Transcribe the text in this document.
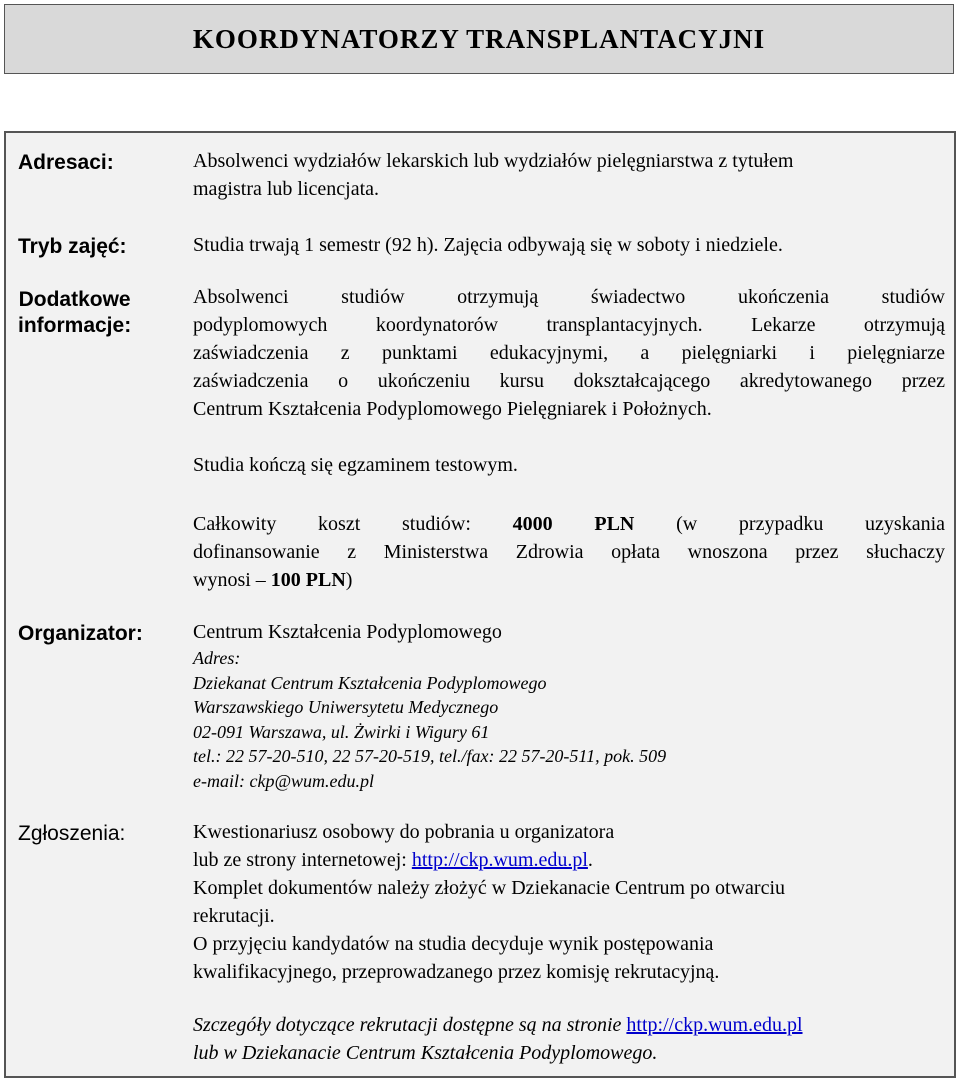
KOORDYNATORZY TRANSPLANTACYJNI
Adresaci:	Absolwenci wydziałów lekarskich lub wydziałów pielęgniarstwa z tytułem

magistra lub licencjata.

Tryb zajęć:	Studia trwają 1 semestr (92 h). Zajęcia odbywają się w soboty i niedziele.
Dodatkowe
informacje:

Absolwenci studiów otrzymują świadectwo ukończenia studiów

podyplomowych koordynatorów transplantacyjnych. Lekarze otrzymują

zaświadczenia z punktami edukacyjnymi, a pielęgniarki i pielęgniarze

zaświadczenia o ukończeniu kursu dokształcającego akredytowanego przez

Centrum Kształcenia Podyplomowego Pielęgniarek i Położnych.

Studia kończą się egzaminem testowym.

Całkowity koszt studiów: 4000 PLN (w przypadku uzyskania

dofinansowanie z Ministerstwa Zdrowia opłata wnoszona przez słuchaczy

wynosi – 100 PLN)

Organizator:	Centrum Kształcenia Podyplomowego

Adres:

Dziekanat Centrum Kształcenia Podyplomowego

Warszawskiego Uniwersytetu Medycznego

02-091 Warszawa, ul. Żwirki i Wigury 61

tel.: 22 57-20-510, 22 57-20-519, tel./fax: 22 57-20-511, pok. 509

e-mail: ckp@wum.edu.pl

Zgłoszenia:	Kwestionariusz osobowy do pobrania u organizatora

lub ze strony internetowej: http://ckp.wum.edu.pl.

Komplet dokumentów należy złożyć w Dziekanacie Centrum po otwarciu

rekrutacji.

O przyjęciu kandydatów na studia decyduje wynik postępowania

kwalifikacyjnego, przeprowadzanego przez komisję rekrutacyjną.

Szczegóły dotyczące rekrutacji dostępne są na stronie http://ckp.wum.edu.pl

lub w Dziekanacie Centrum Kształcenia Podyplomowego.
